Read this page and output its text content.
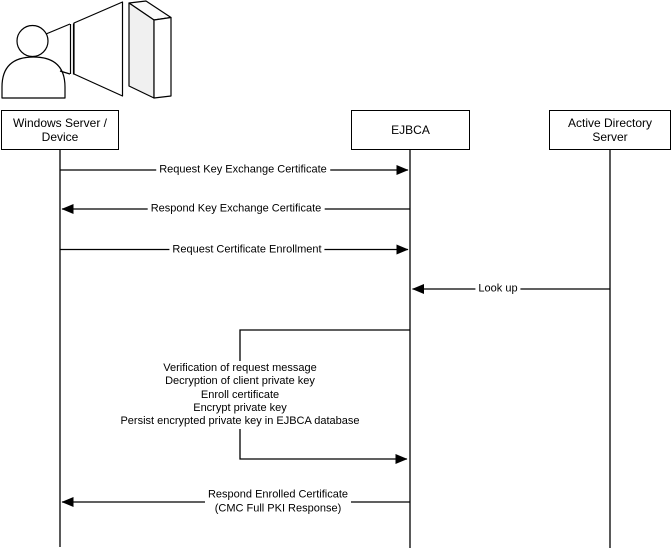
Windows Server /
Device	EJBCA	Active Directory
Server
Request Key Exchange Certificate
Respond Key Exchange Certificate
Request Certificate Enrollment
Look up
Respond Enrolled Certificate
(CMC Full PKI Response)
Verification of request message
Decryption of client private key
Enroll certificate
Encrypt private key
Persist encrypted private key in EJBCA database
